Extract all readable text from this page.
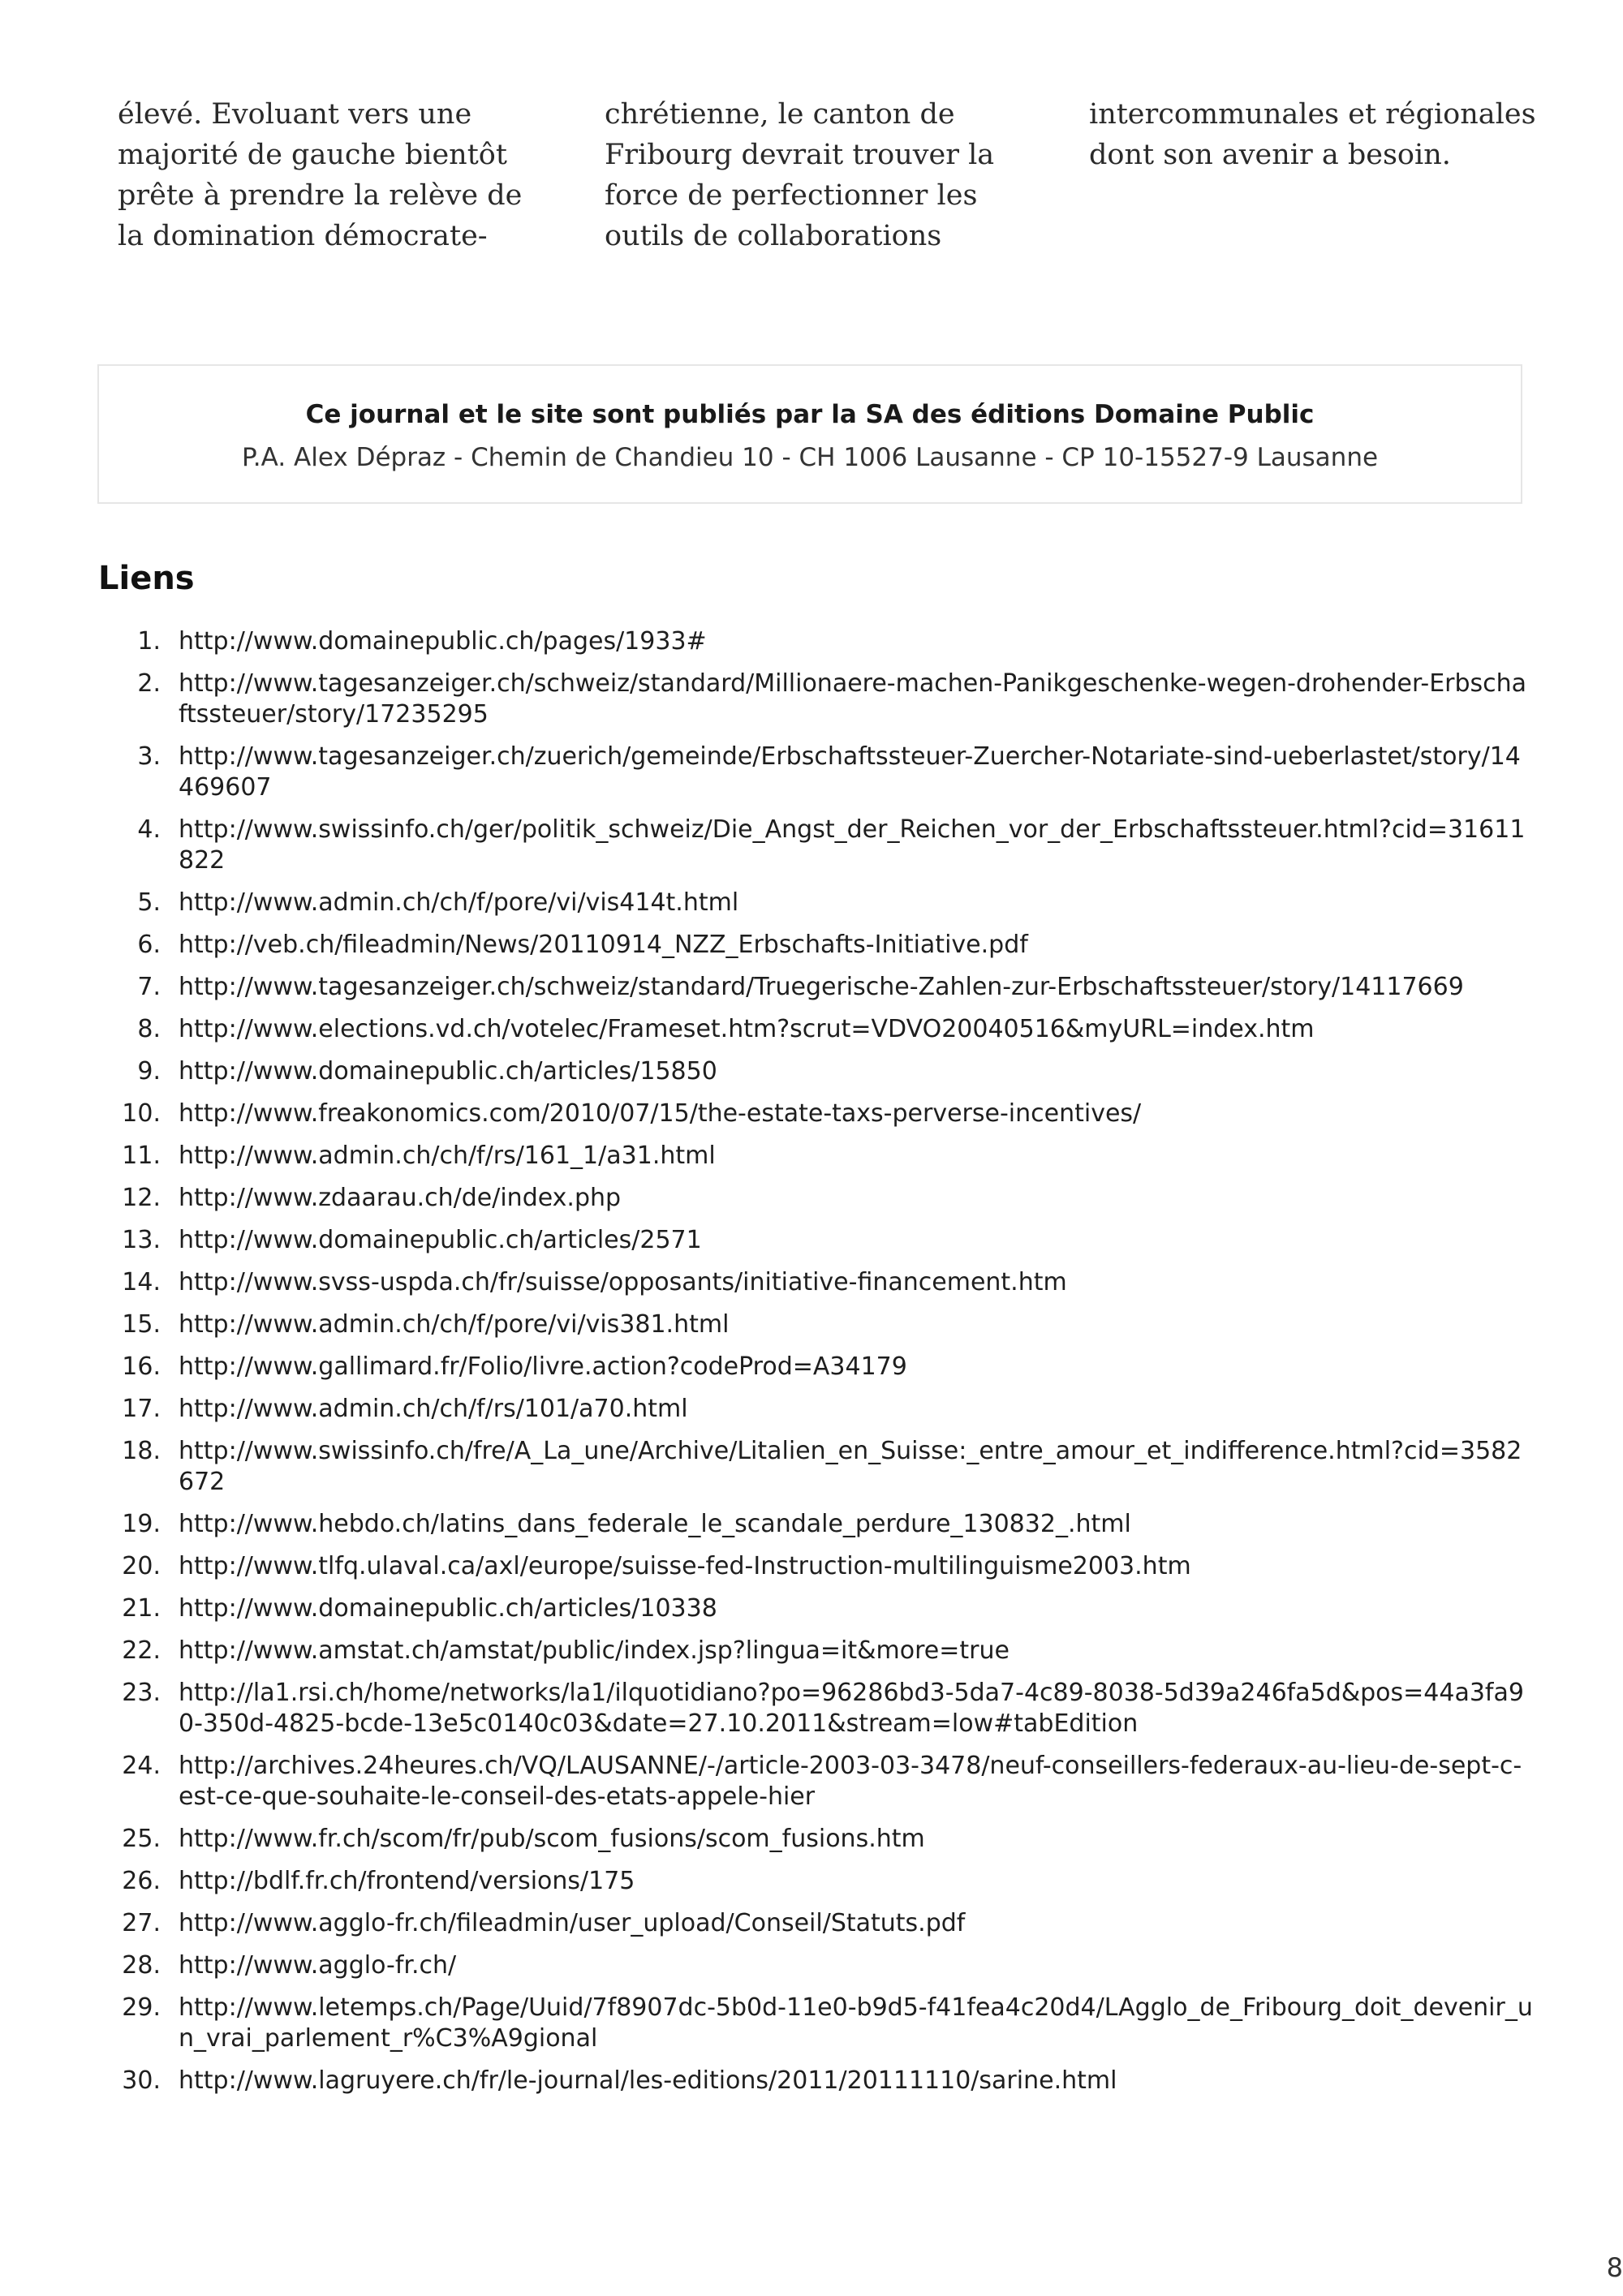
élevé. Evoluant vers une majorité de gauche bientôt prête à prendre la relève de la domination démocrate-

chrétienne, le canton de Fribourg devrait trouver la force de perfectionner les outils de collaborations

intercommunales et régionales dont son avenir a besoin.

Ce journal et le site sont publiés par la SA des éditions Domaine Public
P.A. Alex Dépraz - Chemin de Chandieu 10 - CH 1006 Lausanne - CP 10-15527-9 Lausanne
Liens
1. http://www.domainepublic.ch/pages/1933#
2. http://www.tagesanzeiger.ch/schweiz/standard/Millionaere-machen-Panikgeschenke-wegen-drohender-Erbschaftssteuer/story/17235295
3. http://www.tagesanzeiger.ch/zuerich/gemeinde/Erbschaftssteuer-Zuercher-Notariate-sind-ueberlastet/story/14469607
4. http://www.swissinfo.ch/ger/politik_schweiz/Die_Angst_der_Reichen_vor_der_Erbschaftssteuer.html?cid=31611822
5. http://www.admin.ch/ch/f/pore/vi/vis414t.html
6. http://veb.ch/fileadmin/News/20110914_NZZ_Erbschafts-Initiative.pdf
7. http://www.tagesanzeiger.ch/schweiz/standard/Truegerische-Zahlen-zur-Erbschaftssteuer/story/14117669
8. http://www.elections.vd.ch/votelec/Frameset.htm?scrut=VDVO20040516&myURL=index.htm
9. http://www.domainepublic.ch/articles/15850
10. http://www.freakonomics.com/2010/07/15/the-estate-taxs-perverse-incentives/
11. http://www.admin.ch/ch/f/rs/161_1/a31.html
12. http://www.zdaarau.ch/de/index.php
13. http://www.domainepublic.ch/articles/2571
14. http://www.svss-uspda.ch/fr/suisse/opposants/initiative-financement.htm
15. http://www.admin.ch/ch/f/pore/vi/vis381.html
16. http://www.gallimard.fr/Folio/livre.action?codeProd=A34179
17. http://www.admin.ch/ch/f/rs/101/a70.html
18. http://www.swissinfo.ch/fre/A_La_une/Archive/Litalien_en_Suisse:_entre_amour_et_indifference.html?cid=3582672
19. http://www.hebdo.ch/latins_dans_federale_le_scandale_perdure_130832_.html
20. http://www.tlfq.ulaval.ca/axl/europe/suisse-fed-Instruction-multilinguisme2003.htm
21. http://www.domainepublic.ch/articles/10338
22. http://www.amstat.ch/amstat/public/index.jsp?lingua=it&more=true
23. http://la1.rsi.ch/home/networks/la1/ilquotidiano?po=96286bd3-5da7-4c89-8038-5d39a246fa5d&pos=44a3fa90-350d-4825-bcde-13e5c0140c03&date=27.10.2011&stream=low#tabEdition
24. http://archives.24heures.ch/VQ/LAUSANNE/-/article-2003-03-3478/neuf-conseillers-federaux-au-lieu-de-sept-c-est-ce-que-souhaite-le-conseil-des-etats-appele-hier
25. http://www.fr.ch/scom/fr/pub/scom_fusions/scom_fusions.htm
26. http://bdlf.fr.ch/frontend/versions/175
27. http://www.agglo-fr.ch/fileadmin/user_upload/Conseil/Statuts.pdf
28. http://www.agglo-fr.ch/
29. http://www.letemps.ch/Page/Uuid/7f8907dc-5b0d-11e0-b9d5-f41fea4c20d4/LAgglo_de_Fribourg_doit_devenir_un_vrai_parlement_r%C3%A9gional
30. http://www.lagruyere.ch/fr/le-journal/les-editions/2011/20111110/sarine.html
8
